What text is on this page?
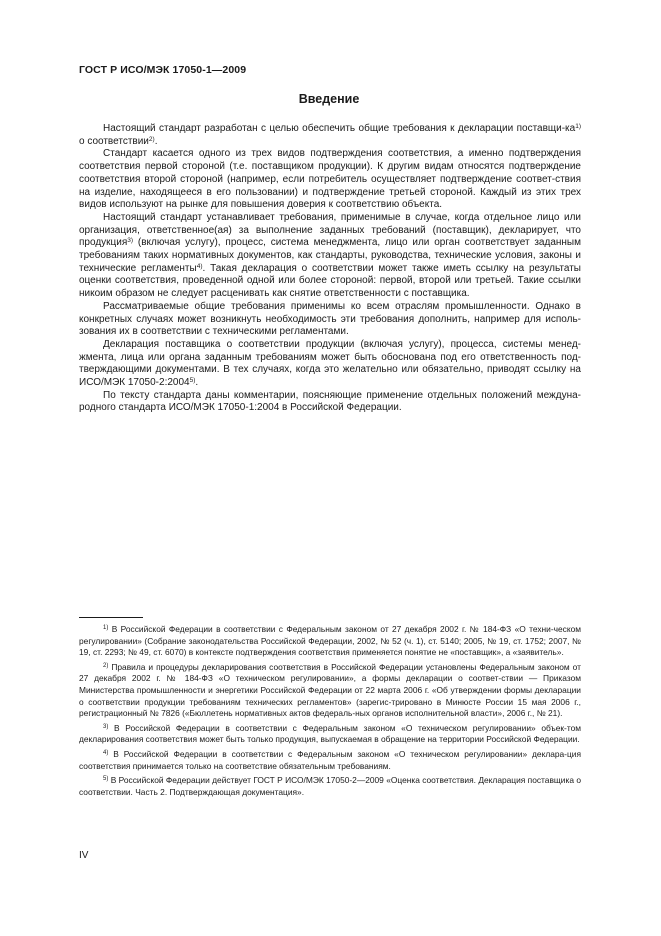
ГОСТ Р ИСО/МЭК 17050-1—2009
Введение

Настоящий стандарт разработан с целью обеспечить общие требования к декларации поставщи-$ка^{1)}$ о соответствии$^{2)}$.

Стандарт касается одного из трех видов подтверждения соответствия, а именно подтверждения соответствия первой стороной (т.е. поставщиком продукции). К другим видам относятся подтверждение соответствия второй стороной (например, если потребитель осуществляет подтверждение соответ-ствия на изделие, находящееся в его пользовании) и подтверждение третьей стороной. Каждый из этих трех видов используют на рынке для повышения доверия к соответствию объекта.

Настоящий стандарт устанавливает требования, применимые в случае, когда отдельное лицо или организация, ответственное(ая) за выполнение заданных требований (поставщик), декларирует, что продукция$^{3)}$ (включая услугу), процесс, система менеджмента, лицо или орган соответствует заданным требованиям таких нормативных документов, как стандарты, руководства, технические условия, законы и технические регламенты$^{4)}$. Такая декларация о соответствии может также иметь ссылку на результаты оценки соответствия, проведенной одной или более стороной: первой, второй или третьей. Такие ссылки никоим образом не следует расценивать как снятие ответственности с поставщика.

Рассматриваемые общие требования применимы ко всем отраслям промышленности. Однако в конкретных случаях может возникнуть необходимость эти требования дополнить, например для исполь-зования их в соответствии с техническими регламентами.

Декларация поставщика о соответствии продукции (включая услугу), процесса, системы менед-жмента, лица или органа заданным требованиям может быть обоснована под его ответственность под-тверждающими документами. В тех случаях, когда это желательно или обязательно, приводят ссылку на ИСО/МЭК 17050-2:2004$^{5)}$.

По тексту стандарта даны комментарии, поясняющие применение отдельных положений междуна-родного стандарта ИСО/МЭК 17050-1:2004 в Российской Федерации.

$^{1)}$ В Российской Федерации в соответствии с Федеральным законом от 27 декабря 2002 г. № 184-ФЗ «О техни-ческом регулировании» (Собрание законодательства Российской Федерации, 2002, № 52 (ч. 1), ст. 5140; 2005, № 19, ст. 1752; 2007, № 19, ст. 2293; № 49, ст. 6070) в контексте подтверждения соответствия применяется понятие не «поставщик», а «заявитель».

$^{2)}$ Правила и процедуры декларирования соответствия в Российской Федерации установлены Федеральным законом от 27 декабря 2002 г. № 184-ФЗ «О техническом регулировании», а формы декларации о соответ-ствии — Приказом Министерства промышленности и энергетики Российской Федерации от 22 марта 2006 г. «Об утверждении формы декларации о соответствии продукции требованиям технических регламентов» (зарегис-трировано в Минюсте России 15 мая 2006 г., регистрационный № 7826 («Бюллетень нормативных актов федераль-ных органов исполнительной власти», 2006 г., № 21).

$^{3)}$ В Российской Федерации в соответствии с Федеральным законом «О техническом регулировании» объек-том декларирования соответствия может быть только продукция, выпускаемая в обращение на территории Российской Федерации.

$^{4)}$ В Российской Федерации в соответствии с Федеральным законом «О техническом регулировании» деклара-ция соответствия принимается только на соответствие обязательным требованиям.

$^{5)}$ В Российской Федерации действует ГОСТ Р ИСО/МЭК 17050-2—2009 «Оценка соответствия. Декларация поставщика о соответствии. Часть 2. Подтверждающая документация».

IV
